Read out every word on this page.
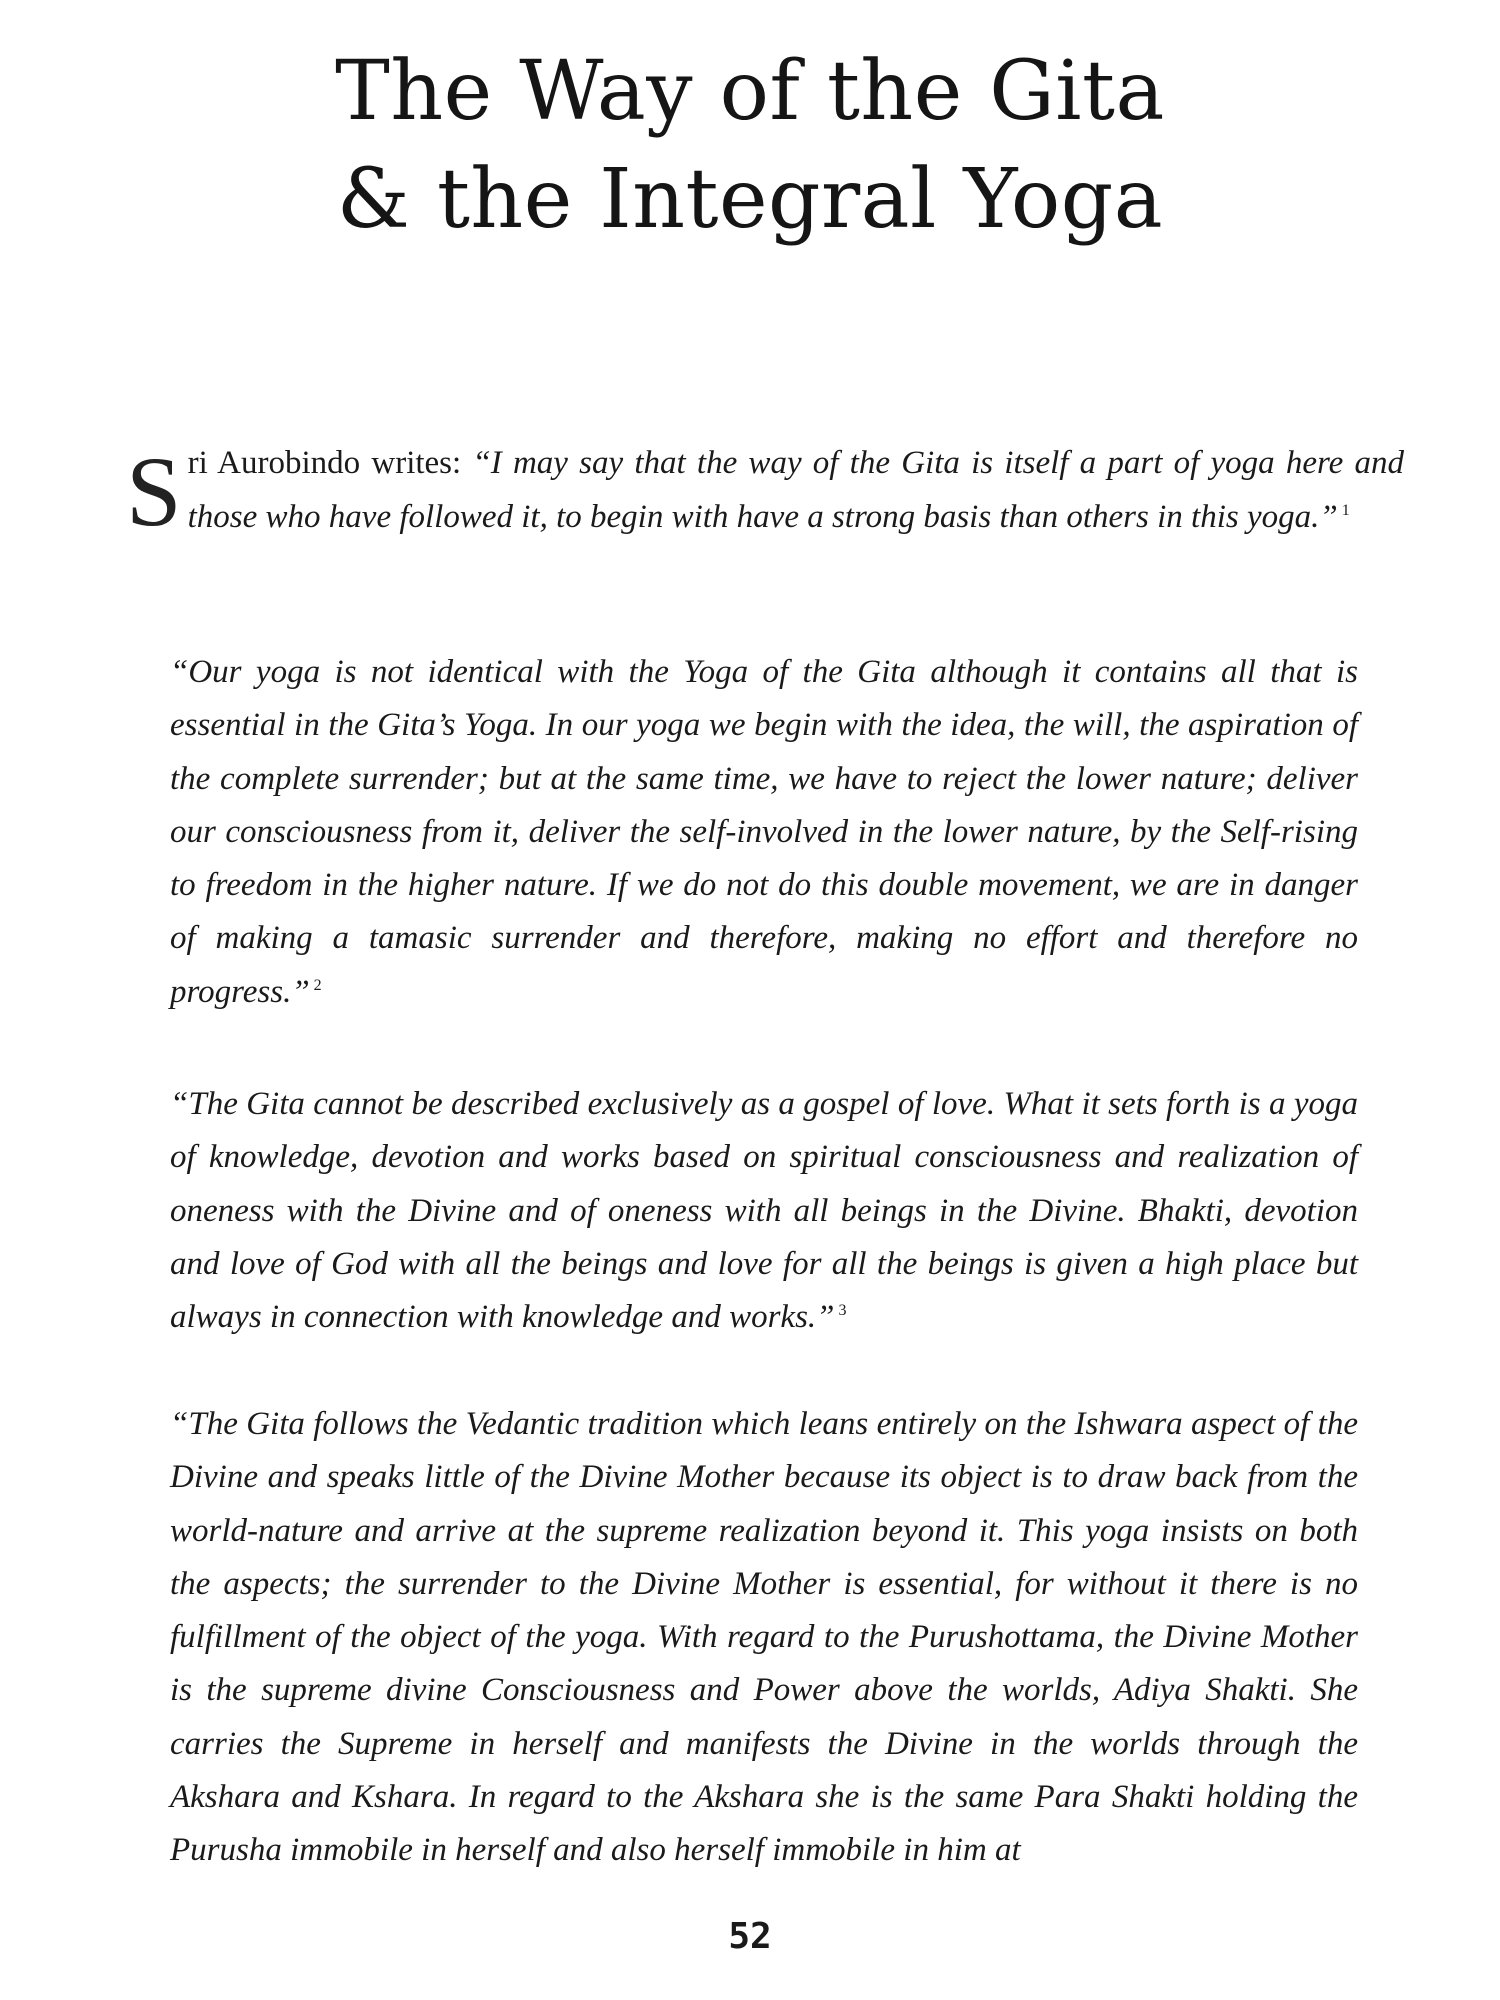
The Way of the Gita
& the Integral Yoga

Sri Aurobindo writes: “I may say that the way of the Gita is itself a part of yoga here and those who have followed it, to begin with have a strong basis than others in this yoga.” $^1$

“Our yoga is not identical with the Yoga of the Gita although it contains all that is essential in the Gita’s Yoga. In our yoga we begin with the idea, the will, the aspiration of the complete surrender; but at the same time, we have to reject the lower nature; deliver our consciousness from it, deliver the self-involved in the lower nature, by the Self-rising to freedom in the higher nature. If we do not do this double movement, we are in danger of making a tamasic surrender and therefore, making no effort and therefore no progress.” $^2$

“The Gita cannot be described exclusively as a gospel of love. What it sets forth is a yoga of knowledge, devotion and works based on spiritual consciousness and realization of oneness with the Divine and of oneness with all beings in the Divine. Bhakti, devotion and love of God with all the beings and love for all the beings is given a high place but always in connection with knowledge and works.” $^3$

“The Gita follows the Vedantic tradition which leans entirely on the Ishwara aspect of the Divine and speaks little of the Divine Mother because its object is to draw back from the world-nature and arrive at the supreme realization beyond it. This yoga insists on both the aspects; the surrender to the Divine Mother is essential, for without it there is no fulfillment of the object of the yoga. With regard to the Purushottama, the Divine Mother is the supreme divine Consciousness and Power above the worlds, Adiya Shakti. She carries the Supreme in herself and manifests the Divine in the worlds through the Akshara and Kshara. In regard to the Akshara she is the same Para Shakti holding the Purusha immobile in herself and also herself immobile in him at

52
